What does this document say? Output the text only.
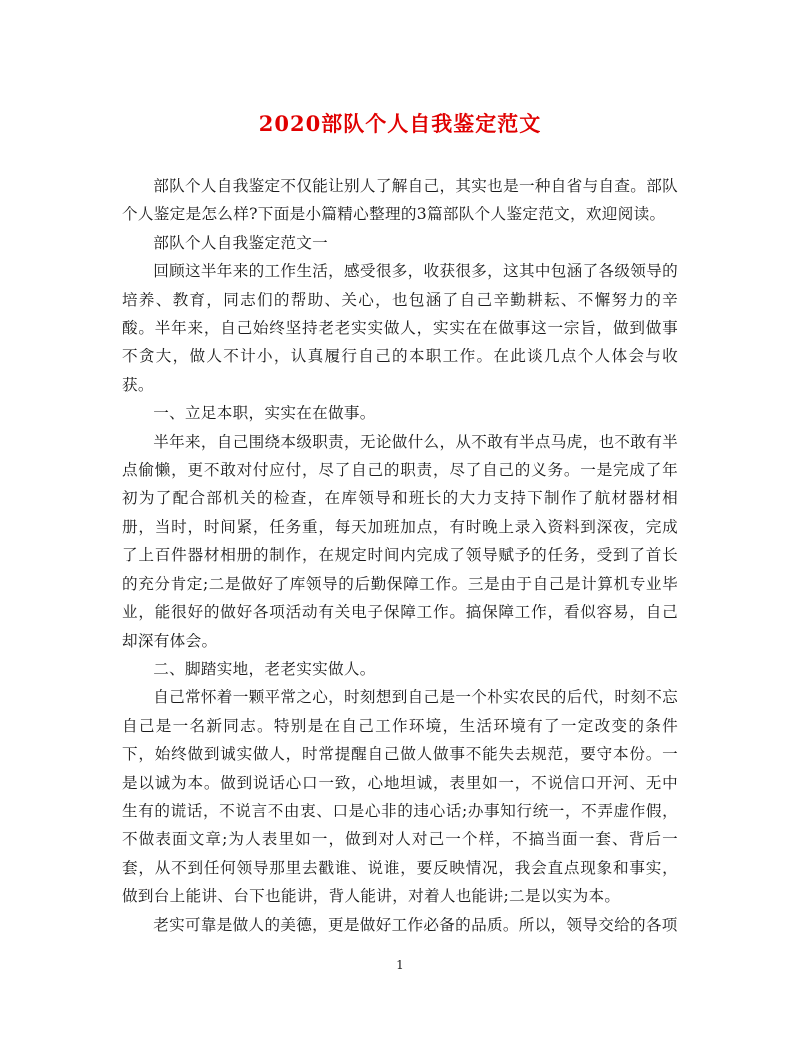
2020部队个人自我鉴定范文

部队个人自我鉴定不仅能让别人了解自己，其实也是一种自省与自查。部队个人鉴定是怎么样?下面是小篇精心整理的3篇部队个人鉴定范文，欢迎阅读。

部队个人自我鉴定范文一

回顾这半年来的工作生活，感受很多，收获很多，这其中包涵了各级领导的培养、教育，同志们的帮助、关心，也包涵了自己辛勤耕耘、不懈努力的辛酸。半年来，自己始终坚持老老实实做人，实实在在做事这一宗旨，做到做事不贪大，做人不计小，认真履行自己的本职工作。在此谈几点个人体会与收获。

一、立足本职，实实在在做事。

半年来，自己围绕本级职责，无论做什么，从不敢有半点马虎，也不敢有半点偷懒，更不敢对付应付，尽了自己的职责，尽了自己的义务。一是完成了年初为了配合部机关的检查，在库领导和班长的大力支持下制作了航材器材相册，当时，时间紧，任务重，每天加班加点，有时晚上录入资料到深夜，完成了上百件器材相册的制作，在规定时间内完成了领导赋予的任务，受到了首长的充分肯定;二是做好了库领导的后勤保障工作。三是由于自己是计算机专业毕业，能很好的做好各项活动有关电子保障工作。搞保障工作，看似容易，自己却深有体会。

二、脚踏实地，老老实实做人。

自己常怀着一颗平常之心，时刻想到自己是一个朴实农民的后代，时刻不忘自己是一名新同志。特别是在自己工作环境，生活环境有了一定改变的条件下，始终做到诚实做人，时常提醒自己做人做事不能失去规范，要守本份。一是以诚为本。做到说话心口一致，心地坦诚，表里如一，不说信口开河、无中生有的谎话，不说言不由衷、口是心非的违心话;办事知行统一，不弄虚作假，不做表面文章;为人表里如一，做到对人对己一个样，不搞当面一套、背后一套，从不到任何领导那里去戳谁、说谁，要反映情况，我会直点现象和事实，做到台上能讲、台下也能讲，背人能讲，对着人也能讲;二是以实为本。

老实可靠是做人的美德，更是做好工作必备的品质。所以，领导交给的各项

1
